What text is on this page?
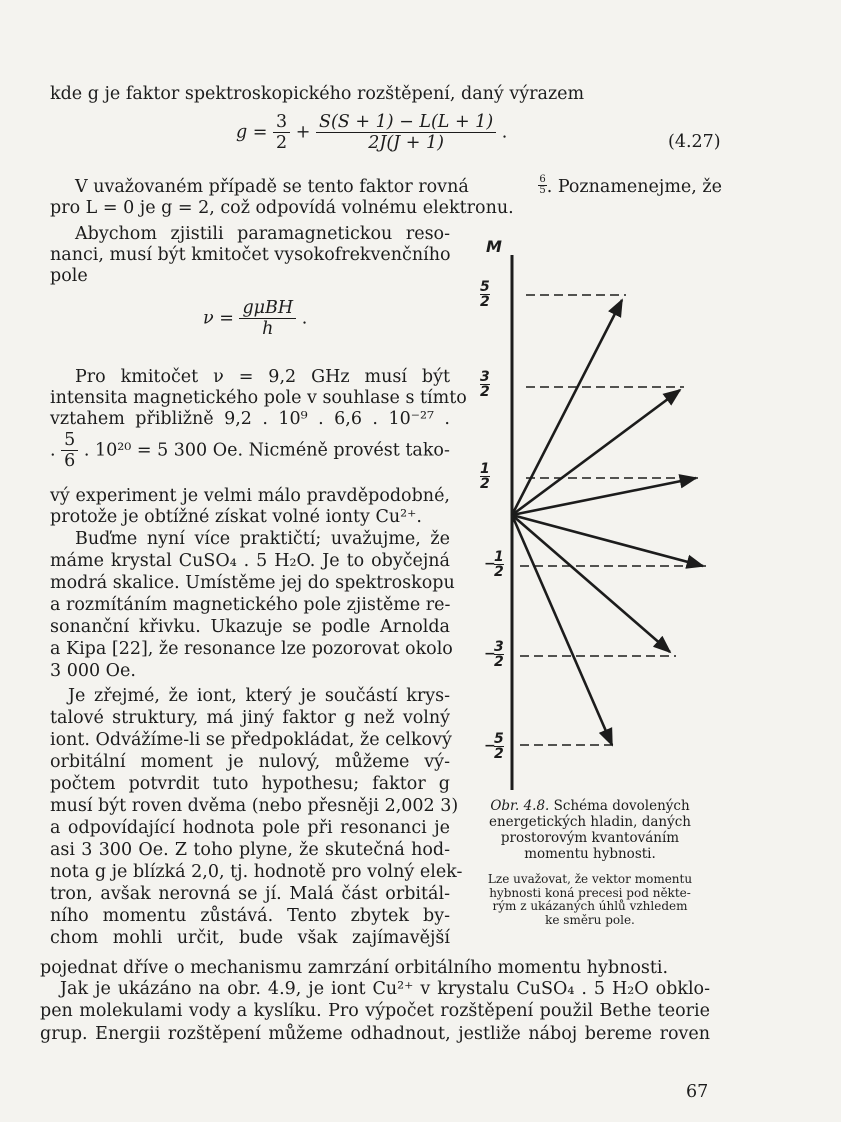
kde g je faktor spektroskopického rozštěpení, daný výrazem
$g = \frac{3}{2} + \frac{S(S + 1) - L(L + 1)}{2J(J + 1)}$ .	(4.27)
V uvažovaném případě se tento faktor rovná	$\frac{6}{5}$ . Poznamenejme, že
pro L = 0 je g = 2, což odpovídá volnému elektronu.
Abychom zjistili paramagnetickou reso-
nanci, musí být kmitočet vysokofrekvenčního
pole
$\nu = \frac{\text{gμBH}}{h}$ .
Pro kmitočet ν = 9,2 GHz musí být
intensita magnetického pole v souhlase s tímto
vztahem přibližně 9,2 . 10⁹ . 6,6 . 10⁻²⁷ .
. $\frac{5}{6}$ . 10²⁰ = 5 300 Oe. Nicméně provést tako-
vý experiment je velmi málo pravděpodobné,
protože je obtížné získat volné ionty Cu²⁺.
Buďme nyní více praktičtí; uvažujme, že
máme krystal CuSO₄ . 5 H₂O. Je to obyčejná
modrá skalice. Umístěme jej do spektroskopu
a rozmítáním magnetického pole zjistěme re-
sonanční křivku. Ukazuje se podle Arnolda
a Kipa [22], že resonance lze pozorovat okolo
3 000 Oe.
Je zřejmé, že iont, který je součástí krys-
talové struktury, má jiný faktor g než volný
iont. Odvážíme-li se předpokládat, že celkový
orbitální moment je nulový, můžeme vý-
počtem potvrdit tuto hypothesu; faktor g
musí být roven dvěma (nebo přesněji 2,002 3)
a odpovídající hodnota pole při resonanci je
asi 3 300 Oe. Z toho plyne, že skutečná hod-
nota g je blízká 2,0, tj. hodnotě pro volný elek-
tron, avšak nerovná se jí. Malá část orbitál-
ního momentu zůstává. Tento zbytek by-
chom mohli určit, bude však zajímavější
pojednat dříve o mechanismu zamrzání orbitálního momentu hybnosti.
Jak je ukázáno na obr. 4.9, je iont Cu²⁺ v krystalu CuSO₄ . 5 H₂O obklo-
pen molekulami vody a kyslíku. Pro výpočet rozštěpení použil Bethe teorie
grup. Energii rozštěpení můžeme odhadnout, jestliže náboj bereme roven
67
M
5
2
3
2
1
2
−
1
2
−
3
2
−
5
2
Obr. 4.8. Schéma dovolených
energetických hladin, daných
prostorovým kvantováním
momentu hybnosti.
Lze uvažovat, že vektor momentu
hybnosti koná precesi pod někte-
rým z ukázaných úhlů vzhledem
ke směru pole.
